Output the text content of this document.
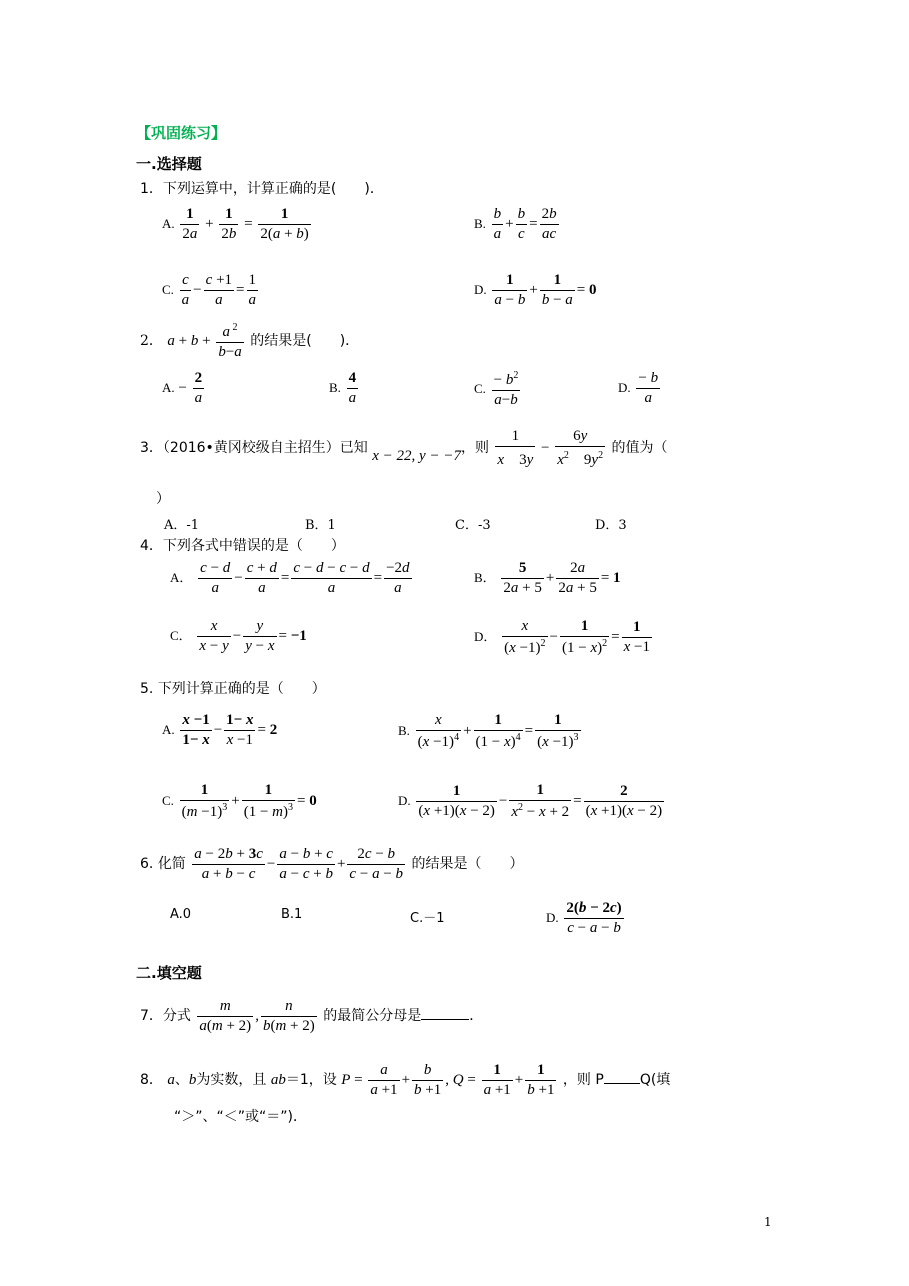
【巩固练习】
一.选择题
1．下列运算中，计算正确的是(　　)．
A. $\frac{1}{2a} + \frac{1}{2b} = \frac{1}{2(a + b)}$	B. $\frac{b}{a} + \frac{b}{c} = \frac{2b}{ac}$
C. $\frac{c}{a} - \frac{c +1}{a} = \frac{1}{a}$	D. $\frac{1}{a - b} + \frac{1}{b - a} = 0$
2． $a + b + \frac{a ^2}{b-a}$ 的结果是(　　)．
A. − $\frac{2}{a}$	B. $\frac{4}{a}$	C. $\frac{- b^2}{a-b}$	D. $\frac{- b}{a}$
3．（2016•黄冈校级自主招生）已知 x − 22, y − −7，则 $\frac{1}{x 3y} - \frac{6y}{x^2 9y^2}$ 的值为（
）
A．-1	B．1	C．-3	D．3
4．下列各式中错误的是（　　）
A． $\frac{c - d}{a} - \frac{c + d}{a} = \frac{c - d - c - d}{a} = \frac{-2d}{a}$	B． $\frac{5}{2a + 5} + \frac{2a}{2a + 5} = 1$
C． $\frac{x}{x - y} - \frac{y}{y - x} = -1$	D． $\frac{x}{(x -1)^2} - \frac{1}{(1 - x)^2} = \frac{1}{x -1}$
5. 下列计算正确的是（　　）
A. $\frac{x -1}{1- x} - \frac{1- x}{x -1} = 2$	B. $\frac{x}{(x -1)^4} + \frac{1}{(1 - x)^4} = \frac{1}{(x -1)^3}$
C. $\frac{1}{(m -1)^3} + \frac{1}{(1 - m)^3} = 0$	D. $\frac{1}{(x +1)(x - 2)} - \frac{1}{x^2 - x + 2} = \frac{2}{(x +1)(x - 2)}$
6. 化简 $\frac{a - 2b + 3c}{a + b - c} - \frac{a - b + c}{a - c + b} + \frac{2c - b}{c - a - b}$ 的结果是（　　）
A.0	B.1	C.－1	D. $\frac{2(b - 2c)}{c - a - b}$
二.填空题
7．分式 $\frac{m}{a(m + 2)}$ , $\frac{n}{b(m + 2)}$ 的最简公分母是	．
8． a、b为实数，且 ab＝1，设 $P = \frac{a}{a +1} + \frac{b}{b +1}$ , $Q = \frac{1}{a +1} + \frac{1}{b +1}$ ，则 P	Q(填
“＞”、“＜”或“＝”)．
1
